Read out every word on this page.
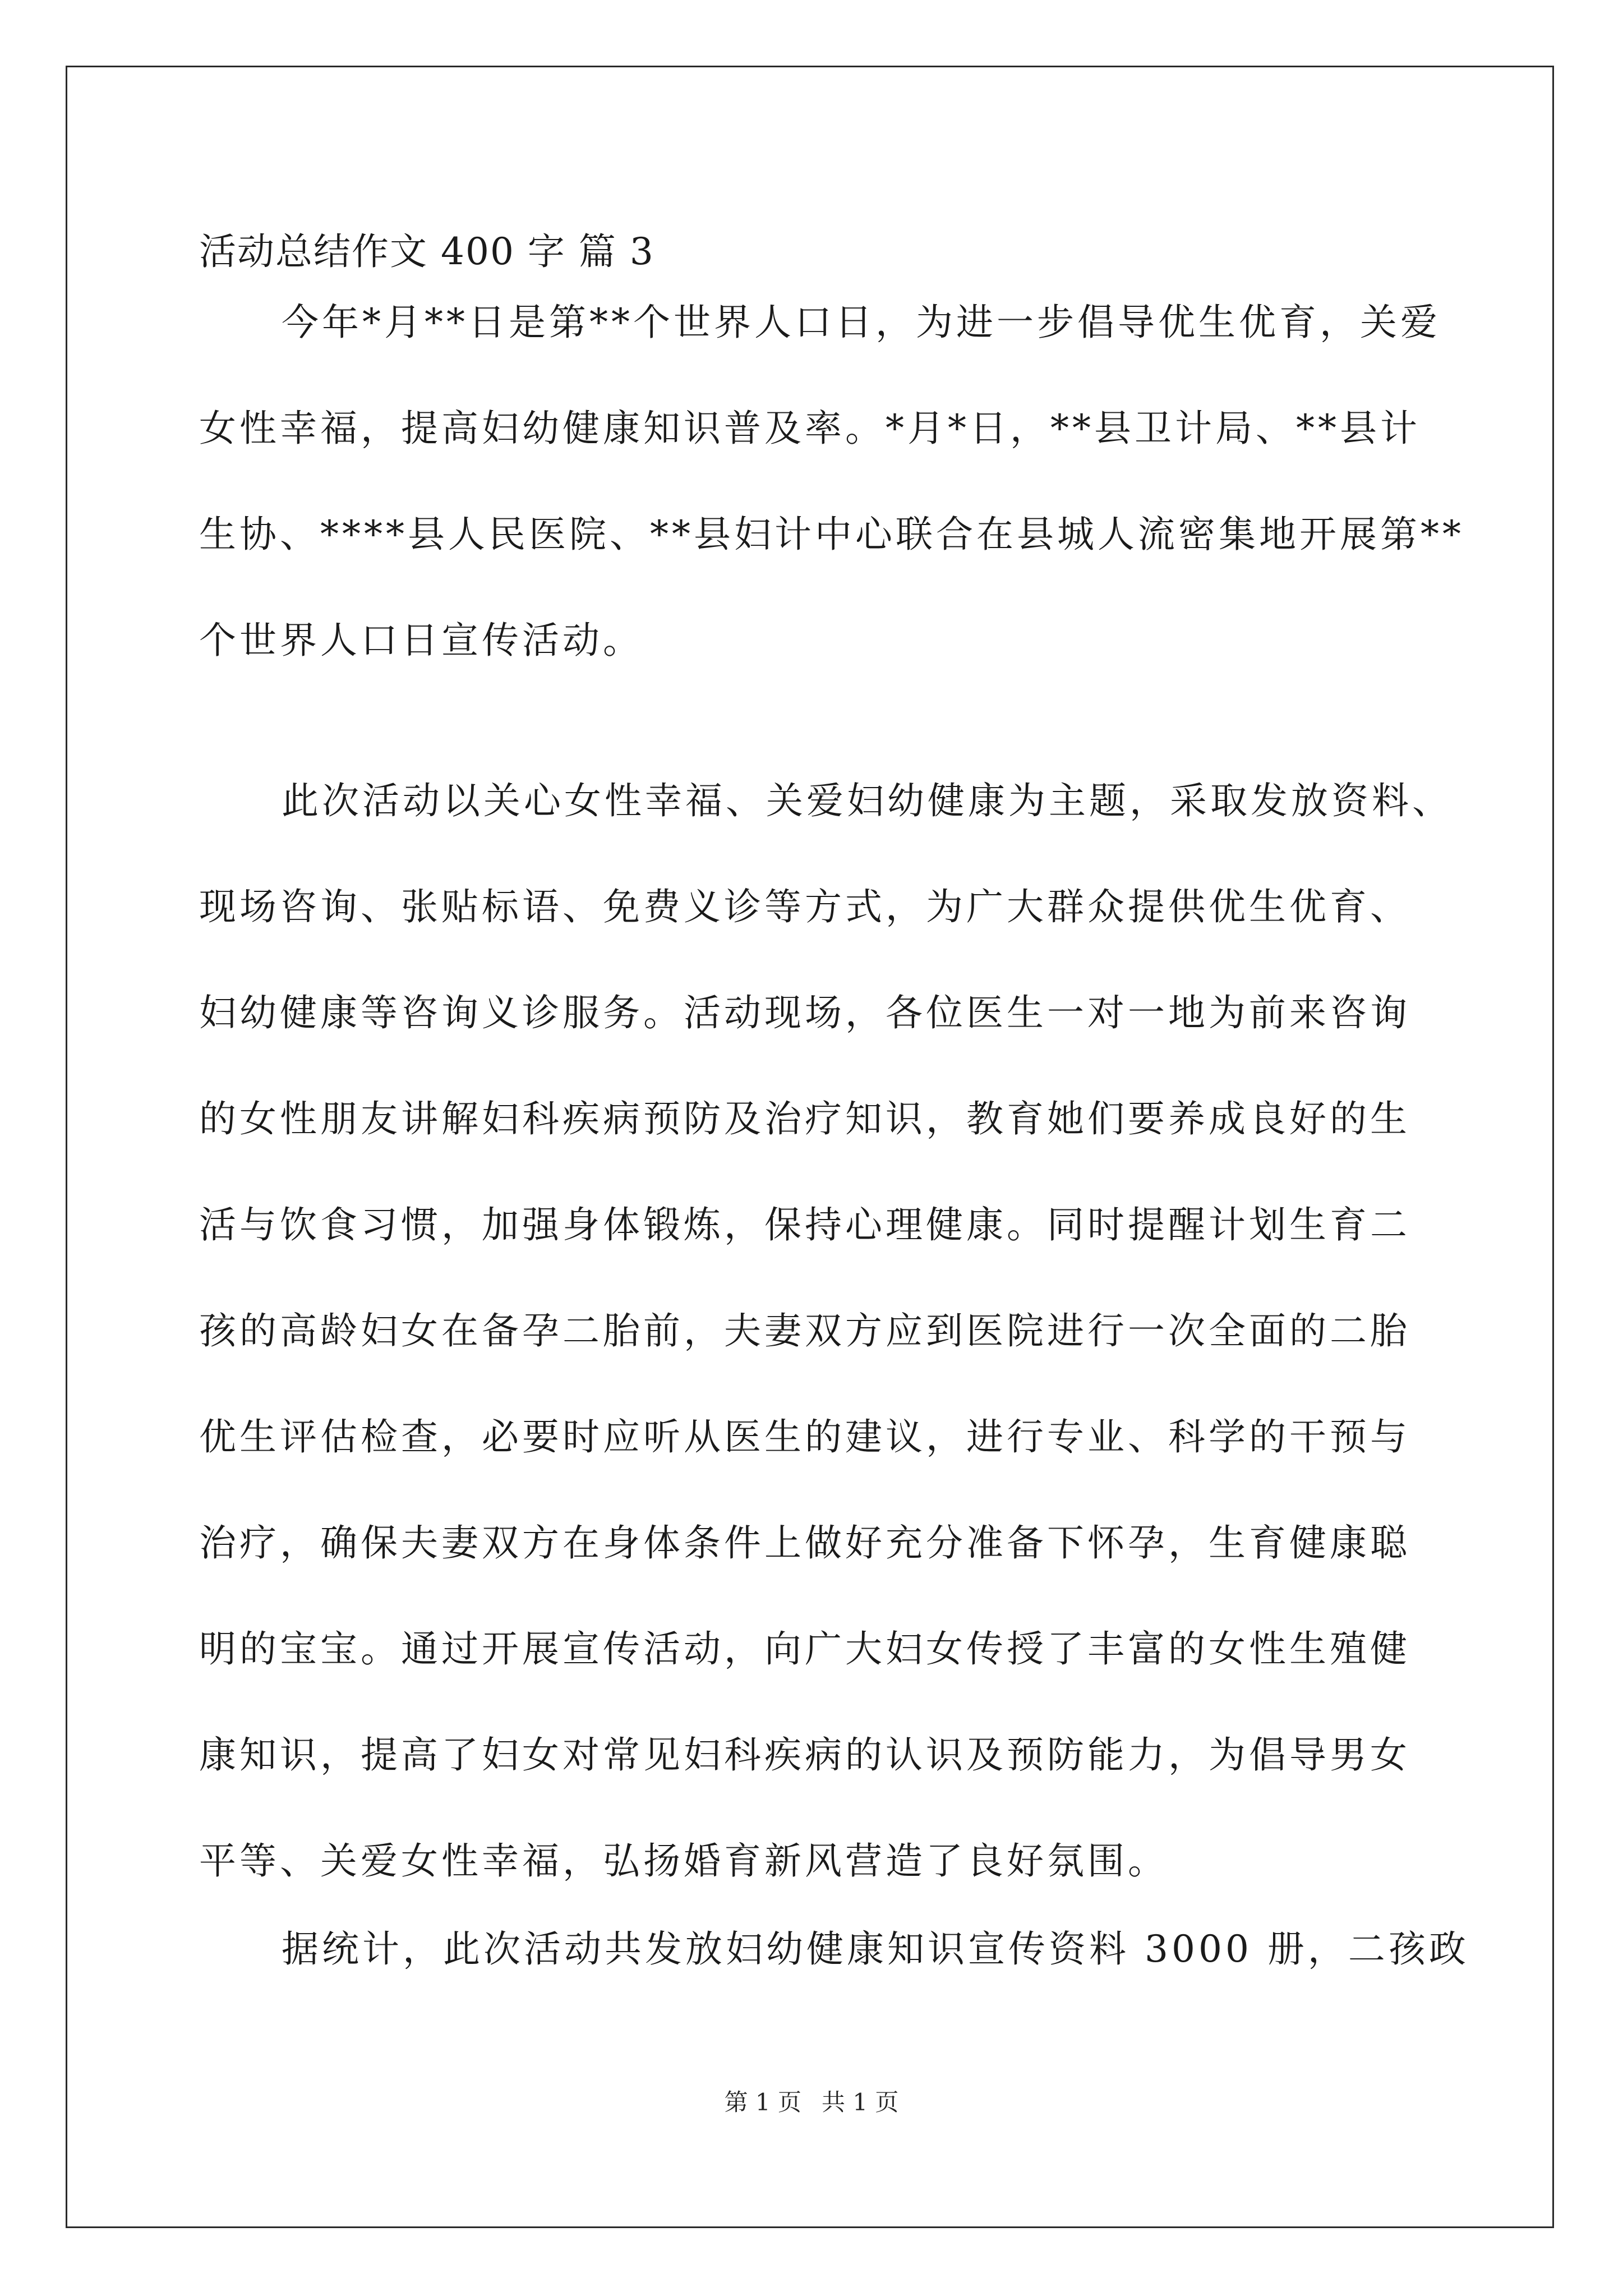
活动总结作文 400 字 篇 3
今年*月**日是第**个世界人口日，为进一步倡导优生优育，关爱
女性幸福，提高妇幼健康知识普及率。*月*日，**县卫计局、**县计
生协、****县人民医院、**县妇计中心联合在县城人流密集地开展第**
个世界人口日宣传活动。
此次活动以关心女性幸福、关爱妇幼健康为主题，采取发放资料、
现场咨询、张贴标语、免费义诊等方式，为广大群众提供优生优育、
妇幼健康等咨询义诊服务。活动现场，各位医生一对一地为前来咨询
的女性朋友讲解妇科疾病预防及治疗知识，教育她们要养成良好的生
活与饮食习惯，加强身体锻炼，保持心理健康。同时提醒计划生育二
孩的高龄妇女在备孕二胎前，夫妻双方应到医院进行一次全面的二胎
优生评估检查，必要时应听从医生的建议，进行专业、科学的干预与
治疗，确保夫妻双方在身体条件上做好充分准备下怀孕，生育健康聪
明的宝宝。通过开展宣传活动，向广大妇女传授了丰富的女性生殖健
康知识，提高了妇女对常见妇科疾病的认识及预防能力，为倡导男女
平等、关爱女性幸福，弘扬婚育新风营造了良好氛围。
据统计，此次活动共发放妇幼健康知识宣传资料 3000 册，二孩政
第 1 页 共 1 页
